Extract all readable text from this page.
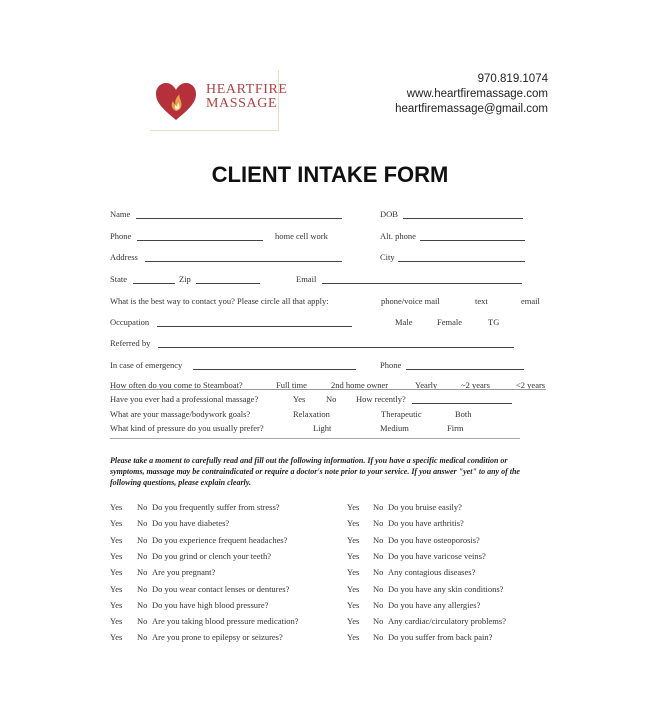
HEARTFIRE
MASSAGE
970.819.1074
www.heartfiremassage.com
heartfiremassage@gmail.com
CLIENT INTAKE FORM
Name	DOB
Phone	home cell work	Alt. phone
Address	City
State	Zip	Email
What is the best way to contact you? Please circle all that apply:	phone/voice mail	text	email
Occupation	Male	Female	TG
Referred by
In case of emergency	Phone
How often do you come to Steamboat?	Full time	2nd home owner	Yearly	~2 years	<2 years
Have you ever had a professional massage?	Yes No How recently?
What are your massage/bodywork goals?	Relaxation	Therapeutic	Both
What kind of pressure do you usually prefer?	Light	Medium	Firm
Please take a moment to carefully read and fill out the following information. If you have a specific medical condition or symptoms, massage may be contraindicated or require a doctor's note prior to your service. If you answer "yet" to any of the following questions, please explain clearly.
Yes No Do you frequently suffer from stress?
Yes No Do you have diabetes?
Yes No Do you experience frequent headaches?
Yes No Do you grind or clench your teeth?
Yes No Are you pregnant?
Yes No Do you wear contact lenses or dentures?
Yes No Do you have high blood pressure?
Yes No Are you taking blood pressure medication?
Yes No Are you prone to epilepsy or seizures?
Yes No Do you bruise easily?
Yes No Do you have arthritis?
Yes No Do you have osteoporosis?
Yes No Do you have varicose veins?
Yes No Any contagious diseases?
Yes No Do you have any skin conditions?
Yes No Do you have any allergies?
Yes No Any cardiac/circulatory problems?
Yes No Do you suffer from back pain?
